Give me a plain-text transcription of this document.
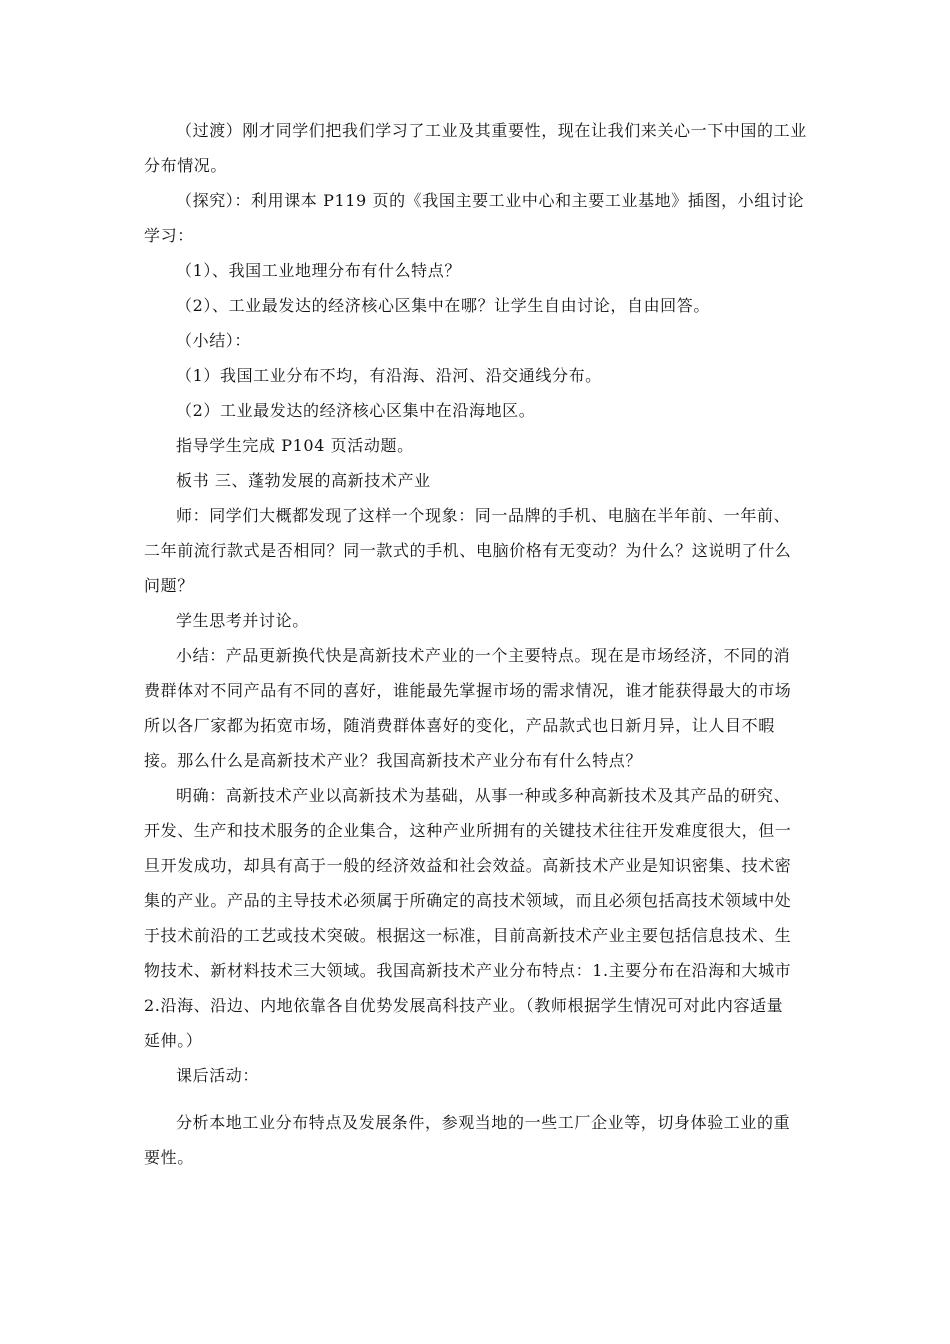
（过渡）刚才同学们把我们学习了工业及其重要性，现在让我们来关心一下中国的工业
分布情况。
（探究）：利用课本 P119 页的《我国主要工业中心和主要工业基地》插图，小组讨论
学习：
（1）、我国工业地理分布有什么特点？
（2）、工业最发达的经济核心区集中在哪？让学生自由讨论，自由回答。
（小结）：
（1）我国工业分布不均，有沿海、沿河、沿交通线分布。
（2）工业最发达的经济核心区集中在沿海地区。
指导学生完成 P104 页活动题。
板书 三、蓬勃发展的高新技术产业
师：同学们大概都发现了这样一个现象：同一品牌的手机、电脑在半年前、一年前、
二年前流行款式是否相同？同一款式的手机、电脑价格有无变动？为什么？这说明了什么
问题？
学生思考并讨论。
小结：产品更新换代快是高新技术产业的一个主要特点。现在是市场经济，不同的消
费群体对不同产品有不同的喜好，谁能最先掌握市场的需求情况，谁才能获得最大的市场
所以各厂家都为拓宽市场，随消费群体喜好的变化，产品款式也日新月异，让人目不暇
接。那么什么是高新技术产业？我国高新技术产业分布有什么特点？
明确：高新技术产业以高新技术为基础，从事一种或多种高新技术及其产品的研究、
开发、生产和技术服务的企业集合，这种产业所拥有的关键技术往往开发难度很大，但一
旦开发成功，却具有高于一般的经济效益和社会效益。高新技术产业是知识密集、技术密
集的产业。产品的主导技术必须属于所确定的高技术领域，而且必须包括高技术领域中处
于技术前沿的工艺或技术突破。根据这一标准，目前高新技术产业主要包括信息技术、生
物技术、新材料技术三大领域。我国高新技术产业分布特点：1.主要分布在沿海和大城市
2.沿海、沿边、内地依靠各自优势发展高科技产业。（教师根据学生情况可对此内容适量
延伸。）
课后活动：
分析本地工业分布特点及发展条件，参观当地的一些工厂企业等，切身体验工业的重
要性。
